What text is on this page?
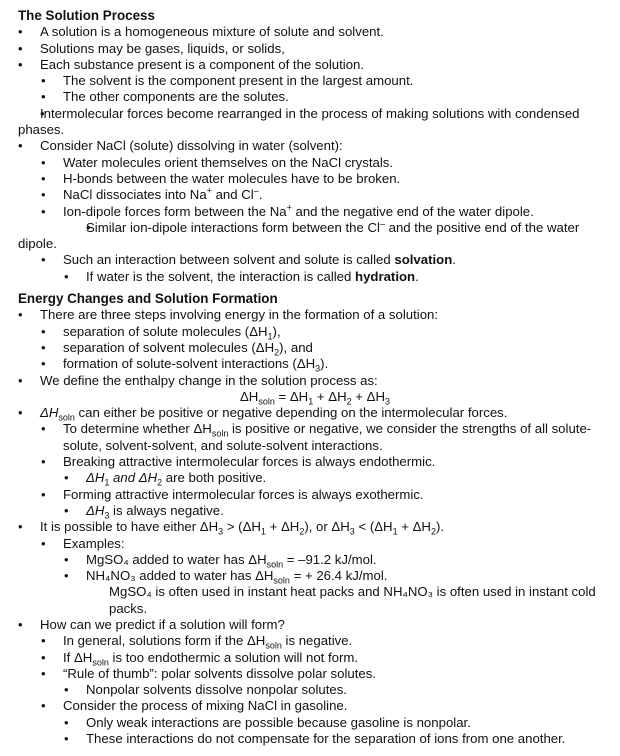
The Solution Process

• A solution is a homogeneous mixture of solute and solvent.

• Solutions may be gases, liquids, or solids,

• Each substance present is a component of the solution.

• The solvent is the component present in the largest amount.

• The other components are the solutes.

• Intermolecular forces become rearranged in the process of making solutions with condensed phases.

• Consider NaCl (solute) dissolving in water (solvent):

• Water molecules orient themselves on the NaCl crystals.

• H-bonds between the water molecules have to be broken.

• NaCl dissociates into Na+ and Cl–.

• Ion-dipole forces form between the Na+ and the negative end of the water dipole.

• Similar ion-dipole interactions form between the Cl– and the positive end of the water dipole.

• Such an interaction between solvent and solute is called solvation.

• If water is the solvent, the interaction is called hydration.

Energy Changes and Solution Formation

• There are three steps involving energy in the formation of a solution:

• separation of solute molecules $(\Delta H_1)$,

• separation of solvent molecules $(\Delta H_2)$, and

• formation of solute-solvent interactions $(\Delta H_3)$.

• We define the enthalpy change in the solution process as:

$\Delta H_{soln} = \Delta H_1 + \Delta H_2 + \Delta H_3$

• $\Delta H_{soln}$ can either be positive or negative depending on the intermolecular forces.

• To determine whether $\Delta H_{soln}$ is positive or negative, we consider the strengths of all solute-solute, solvent-solvent, and solute-solvent interactions.

• Breaking attractive intermolecular forces is always endothermic.

• $\Delta H_1$ and $\Delta H_2$ are both positive.

• Forming attractive intermolecular forces is always exothermic.

• $\Delta H_3$ is always negative.

• It is possible to have either $\Delta H_3 > (\Delta H_1 + \Delta H_2)$, or $\Delta H_3 < (\Delta H_1 + \Delta H_2)$.

• Examples:

• MgSO₄ added to water has $\Delta H_{soln} = -91.2$ kJ/mol.

• NH₄NO₃ added to water has $\Delta H_{soln}$ = + 26.4 kJ/mol.

• MgSO₄ is often used in instant heat packs and NH₄NO₃ is often used in instant cold packs.

• How can we predict if a solution will form?

• In general, solutions form if the $\Delta H_{soln}$ is negative.

• If $\Delta H_{soln}$ is too endothermic a solution will not form.

• “Rule of thumb”: polar solvents dissolve polar solutes.

• Nonpolar solvents dissolve nonpolar solutes.

• Consider the process of mixing NaCl in gasoline.

• Only weak interactions are possible because gasoline is nonpolar.

• These interactions do not compensate for the separation of ions from one another.
